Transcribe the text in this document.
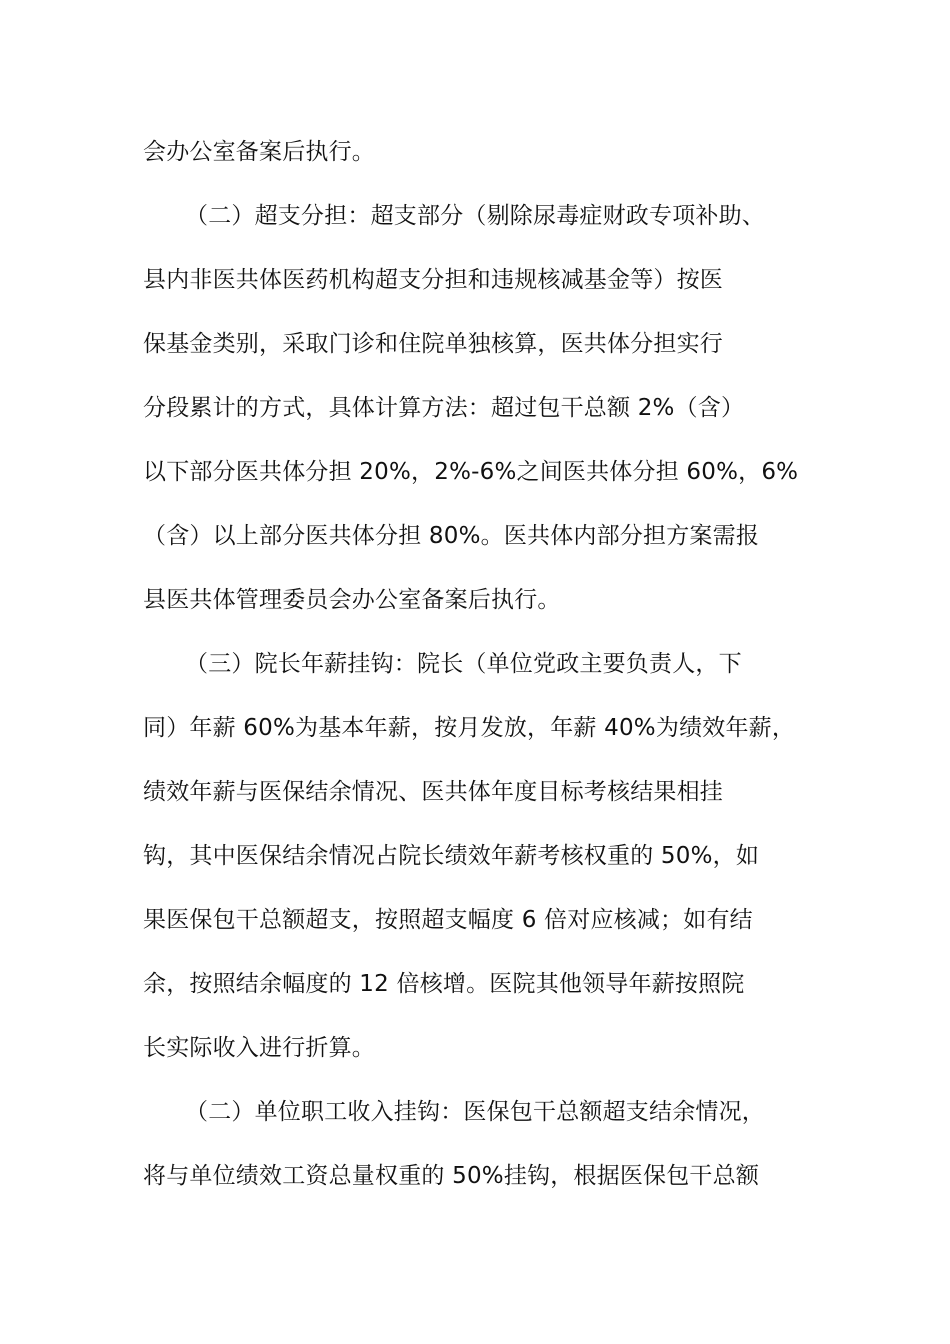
会办公室备案后执行。
（二）超支分担：超支部分（剔除尿毒症财政专项补助、
县内非医共体医药机构超支分担和违规核减基金等）按医
保基金类别，采取门诊和住院单独核算，医共体分担实行
分段累计的方式，具体计算方法：超过包干总额 2%（含）
以下部分医共体分担 20%，2%-6%之间医共体分担 60%，6%
（含）以上部分医共体分担 80%。医共体内部分担方案需报
县医共体管理委员会办公室备案后执行。
（三）院长年薪挂钩：院长（单位党政主要负责人，下
同）年薪 60%为基本年薪，按月发放，年薪 40%为绩效年薪，
绩效年薪与医保结余情况、医共体年度目标考核结果相挂
钩，其中医保结余情况占院长绩效年薪考核权重的 50%，如
果医保包干总额超支，按照超支幅度 6 倍对应核减；如有结
余，按照结余幅度的 12 倍核增。医院其他领导年薪按照院
长实际收入进行折算。
（二）单位职工收入挂钩：医保包干总额超支结余情况，
将与单位绩效工资总量权重的 50%挂钩，根据医保包干总额
